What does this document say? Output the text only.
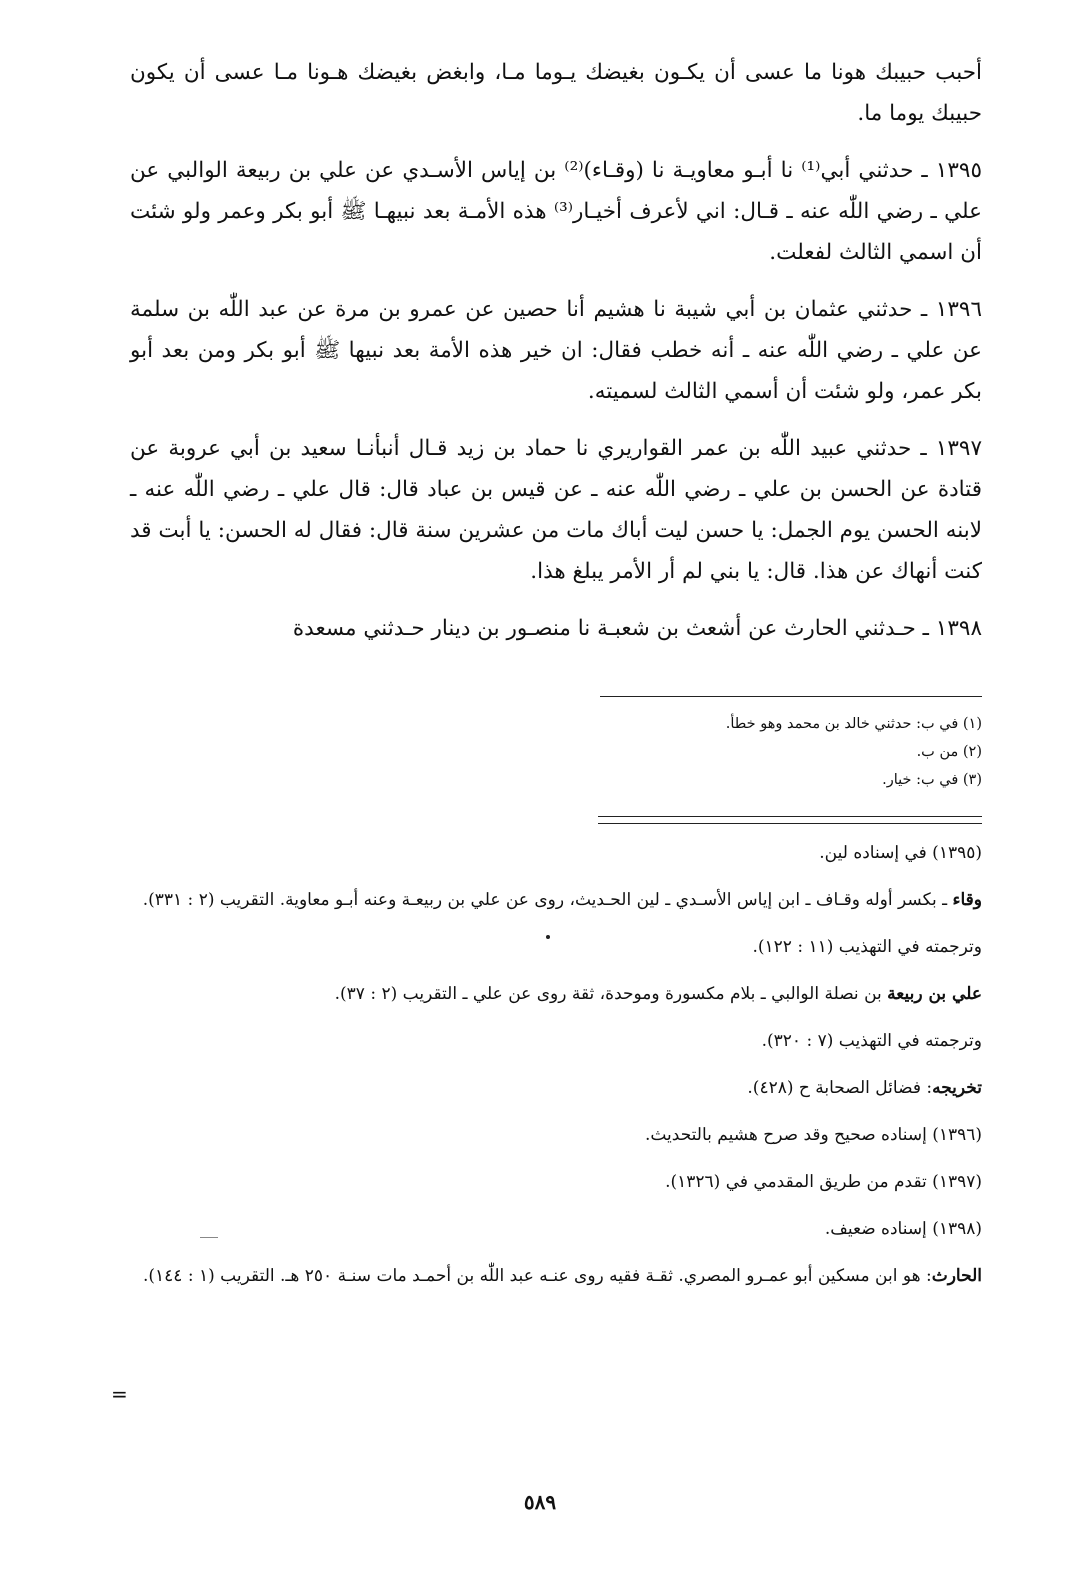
أحبب حبيبك هونا ما عسى أن يكـون بغيضك يـوما مـا، وابغض بغيضك هـونا مـا عسى أن يكون حبيبك يوما ما.

١٣٩٥ ـ حدثني أبي⁽¹⁾ نا أبـو معاويـة نا (وقـاء)⁽²⁾ بن إياس الأسـدي عن علي بن ربيعة الوالبي عن علي ـ رضي اللّٰه عنه ـ قـال: اني لأعرف أخيـار⁽³⁾ هذه الأمـة بعد نبيهـا ﷺ أبو بكر وعمر ولو شئت أن اسمي الثالث لفعلت.

١٣٩٦ ـ حدثني عثمان بن أبي شيبة نا هشيم أنا حصين عن عمرو بن مرة عن عبد اللّٰه بن سلمة عن علي ـ رضي اللّٰه عنه ـ أنه خطب فقال: ان خير هذه الأمة بعد نبيها ﷺ أبو بكر ومن بعد أبو بكر عمر، ولو شئت أن أسمي الثالث لسميته.

١٣٩٧ ـ حدثني عبيد اللّٰه بن عمر القواريري نا حماد بن زيد قـال أنبأنـا سعيد بن أبي عروبة عن قتادة عن الحسن بن علي ـ رضي اللّٰه عنه ـ عن قيس بن عباد قال: قال علي ـ رضي اللّٰه عنه ـ لابنه الحسن يوم الجمل: يا حسن ليت أباك مات من عشرين سنة قال: فقال له الحسن: يا أبت قد كنت أنهاك عن هذا. قال: يا بني لم أر الأمر يبلغ هذا.

١٣٩٨ ـ حـدثني الحارث عن أشعث بن شعبـة نا منصـور بن دينار حـدثني مسعدة

(١) في ب: حدثني خالد بن محمد وهو خطأ.
(٢) من ب.
(٣) في ب: خيار.

(١٣٩٥) في إسناده لين.

وقاء ـ بكسر أوله وقـاف ـ ابن إياس الأسـدي ـ لين الحـديث، روى عن علي بن ربيعـة وعنه أبـو معاوية. التقريب (٢ : ٣٣١).

وترجمته في التهذيب (١١ : ١٢٢).

علي بن ربيعة بن نصلة الوالبي ـ بلام مكسورة وموحدة، ثقة روى عن علي ـ التقريب (٢ : ٣٧).

وترجمته في التهذيب (٧ : ٣٢٠).

تخريجه: فضائل الصحابة ح (٤٢٨).

(١٣٩٦) إسناده صحيح وقد صرح هشيم بالتحديث.

(١٣٩٧) تقدم من طريق المقدمي في (١٣٢٦).

(١٣٩٨) إسناده ضعيف.

الحارث: هو ابن مسكين أبو عمـرو المصري. ثقـة فقيه روى عنـه عبد اللّٰه بن أحمـد مات سنـة ٢٥٠ هـ. التقريب (١ : ١٤٤).

=
٥٨٩
